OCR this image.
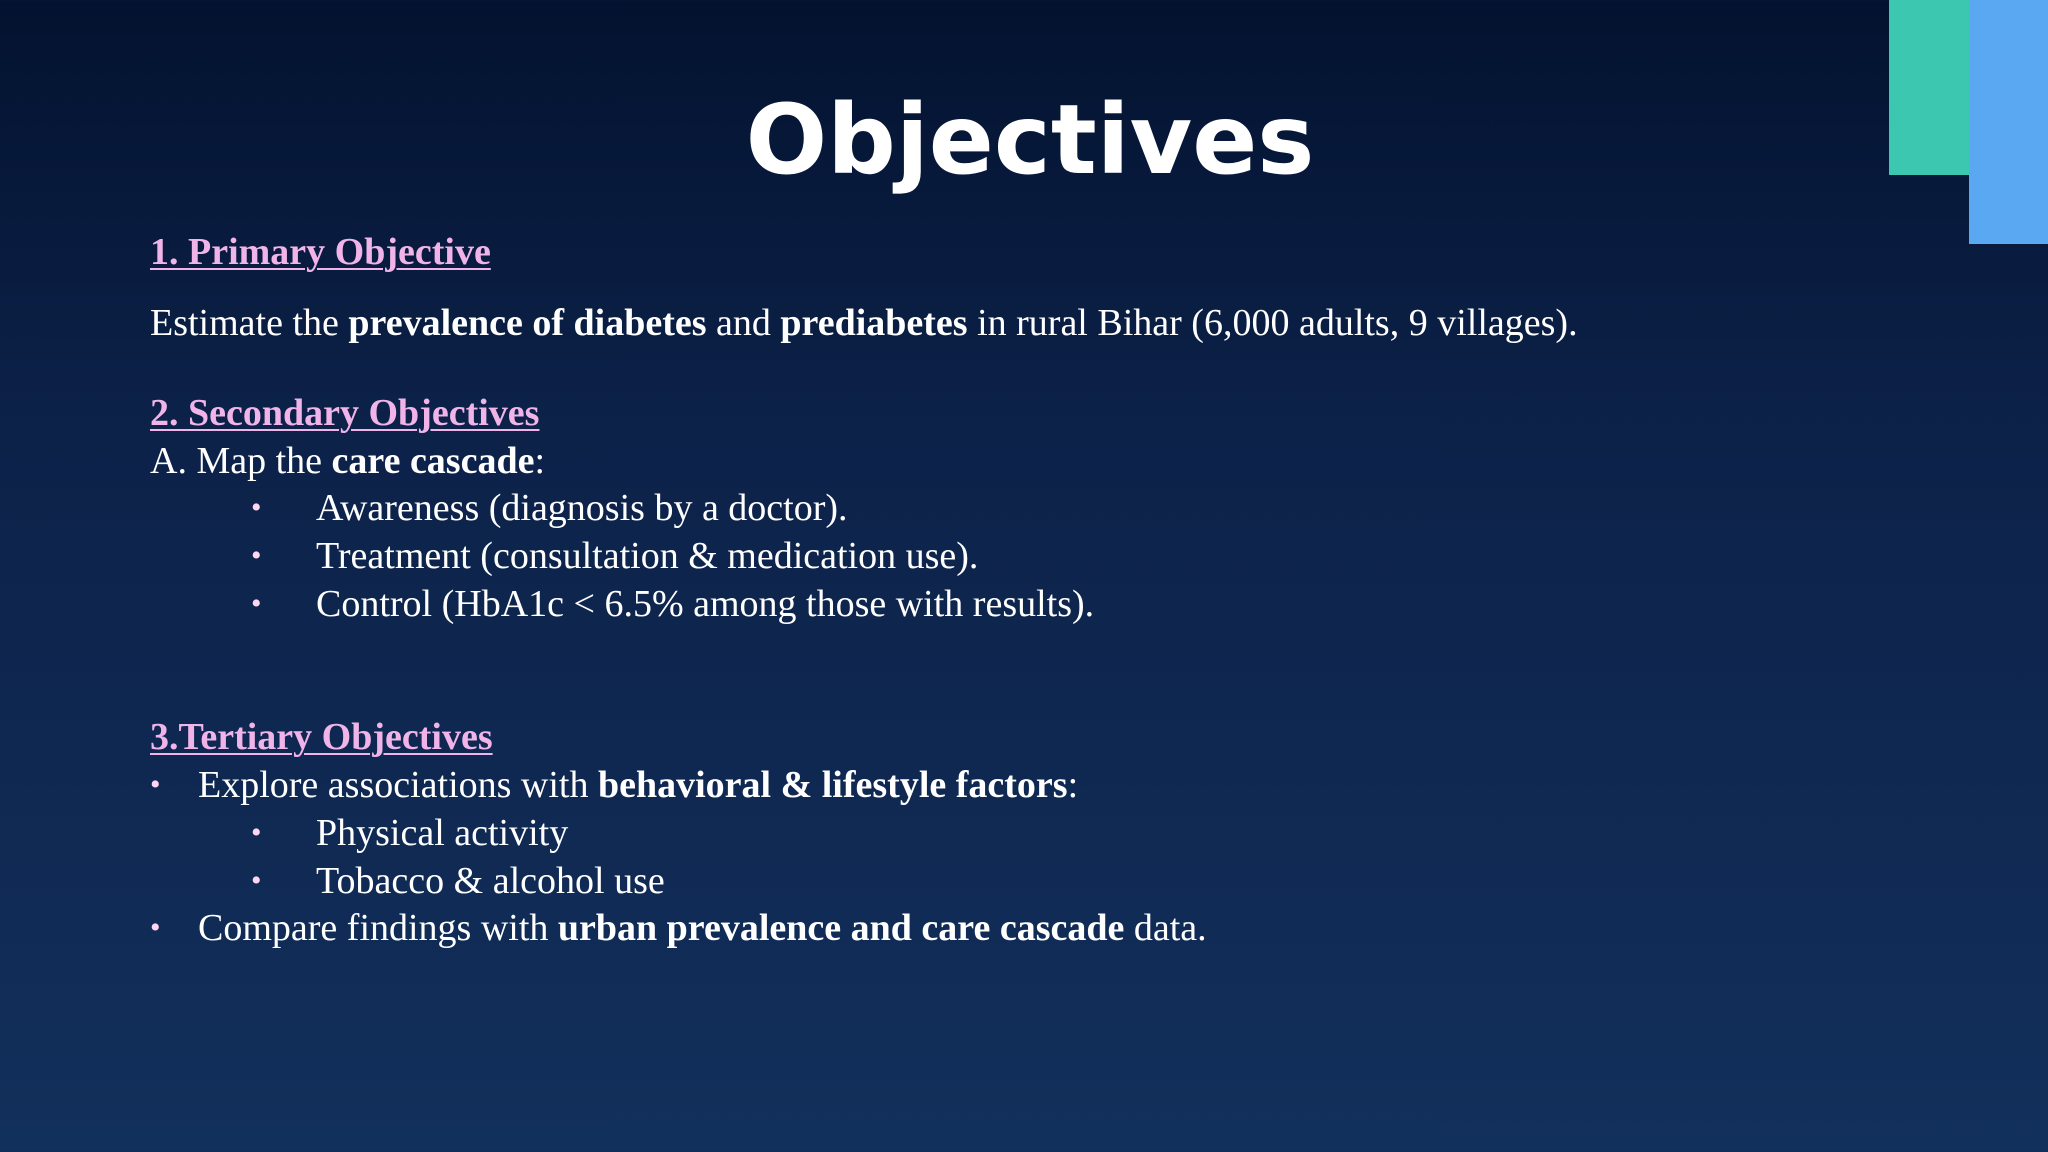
Objectives
1. Primary Objective
Estimate the prevalence of diabetes and prediabetes in rural Bihar (6,000 adults, 9 villages).
2. Secondary Objectives
A. Map the care cascade:
• Awareness (diagnosis by a doctor).
• Treatment (consultation & medication use).
• Control (HbA1c < 6.5% among those with results).
3.Tertiary Objectives
• Explore associations with behavioral & lifestyle factors:
• Physical activity
• Tobacco & alcohol use
• Compare findings with urban prevalence and care cascade data.
